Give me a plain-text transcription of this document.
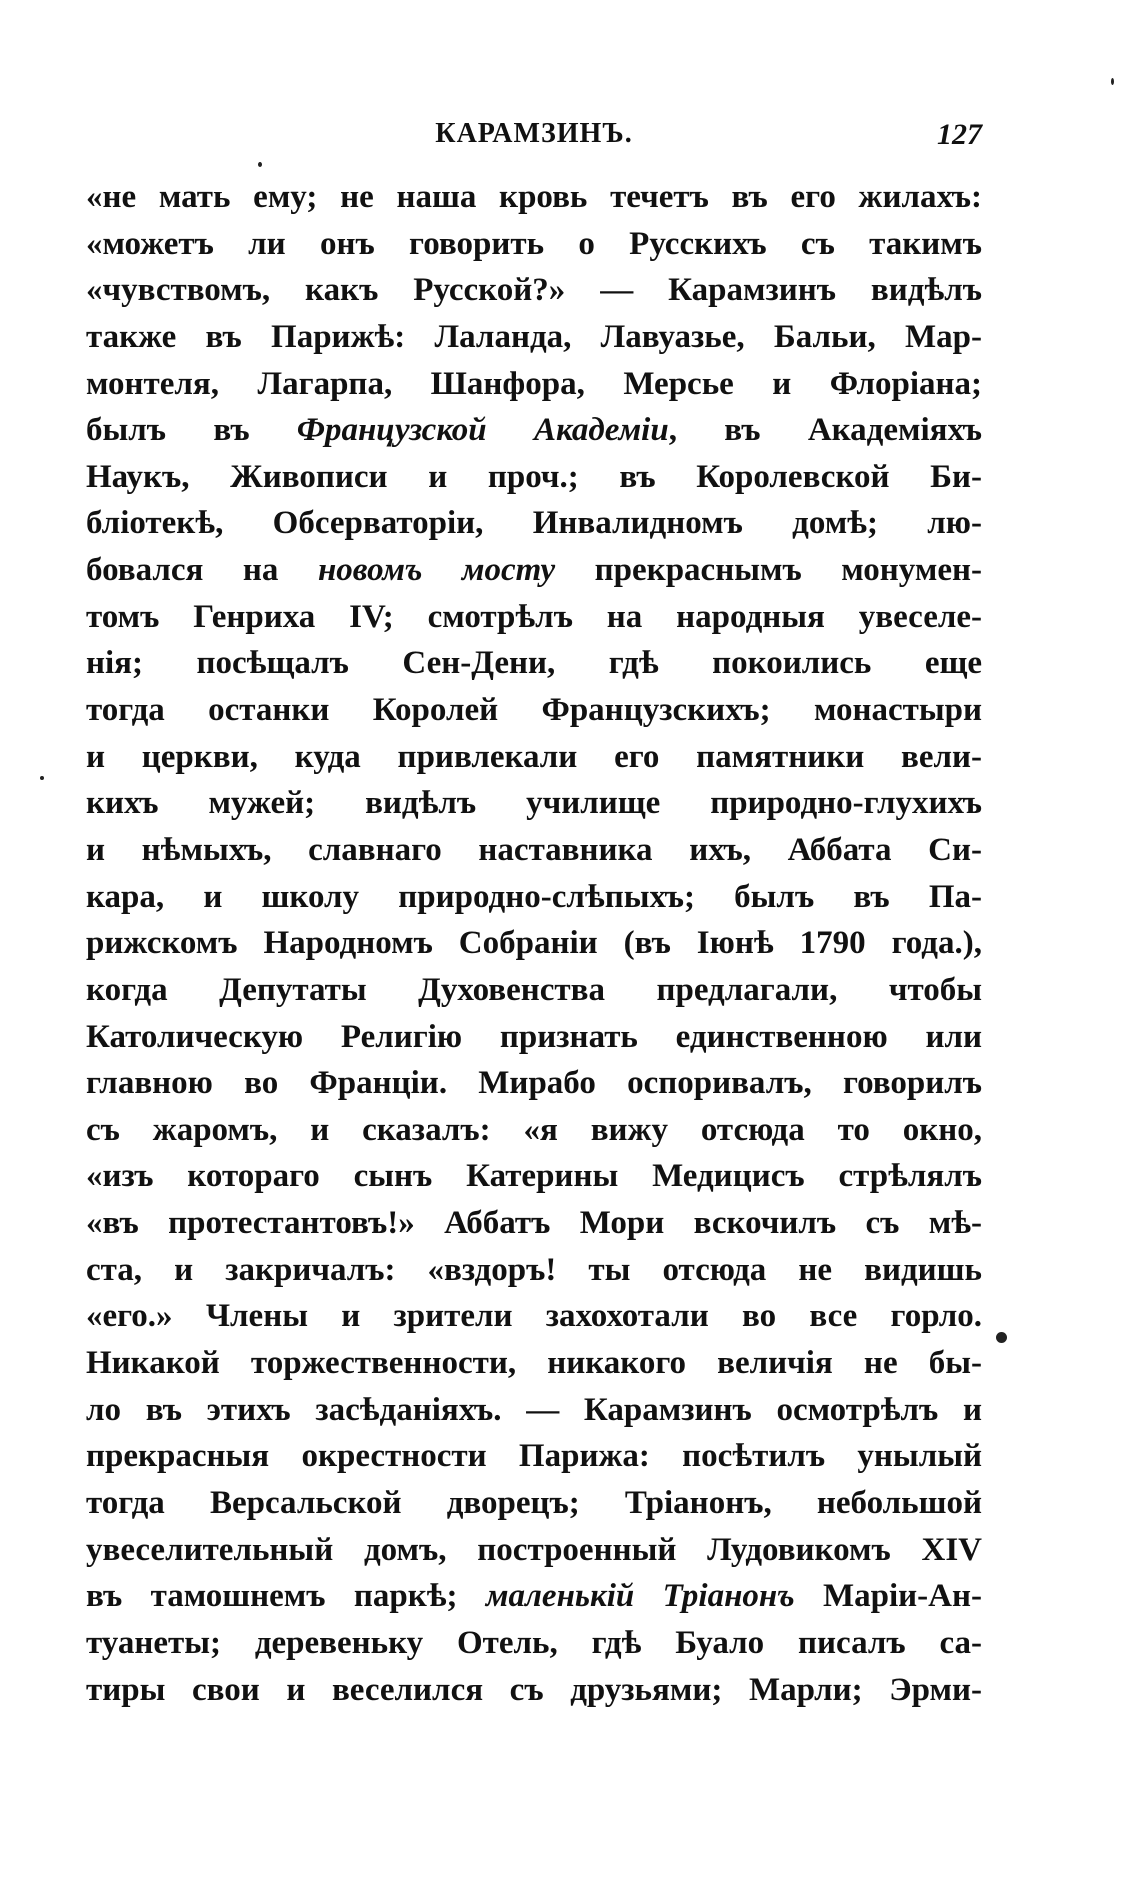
КАРАМЗИНЪ.	127
«не мать ему; не наша кровь течетъ въ его жилахъ:
«можетъ ли онъ говорить о Русскихъ съ такимъ
«чувствомъ, какъ Русской?» — Карамзинъ видѣлъ
также въ Парижѣ: Лаланда, Лавуазье, Бальи, Мар-
монтеля, Лагарпа, Шанфора, Мерсье и Флоріана;
былъ въ Французской Академіи, въ Академіяхъ
Наукъ, Живописи и проч.; въ Королевской Би-
бліотекѣ, Обсерваторіи, Инвалидномъ домѣ; лю-
бовался на новомъ мосту прекраснымъ монумен-
томъ Генриха IV; смотрѣлъ на народныя увеселе-
нія; посѣщалъ Сен-Дени, гдѣ покоились еще
тогда останки Королей Французскихъ; монастыри
и церкви, куда привлекали его памятники вели-
кихъ мужей; видѣлъ училище природно-глухихъ
и нѣмыхъ, славнаго наставника ихъ, Аббата Си-
кара, и школу природно-слѣпыхъ; былъ въ Па-
рижскомъ Народномъ Собраніи (въ Іюнѣ 1790 года.),
когда Депутаты Духовенства предлагали, чтобы
Католическую Религію признать единственною или
главною во Франціи. Мирабо оспоривалъ, говорилъ
съ жаромъ, и сказалъ: «я вижу отсюда то окно,
«изъ котораго сынъ Катерины Медицисъ стрѣлялъ
«въ протестантовъ!» Аббатъ Мори вскочилъ съ мѣ-
ста, и закричалъ: «вздоръ! ты отсюда не видишь
«его.» Члены и зрители захохотали во все горло.
Никакой торжественности, никакого величія не бы-
ло въ этихъ засѣданіяхъ. — Карамзинъ осмотрѣлъ и
прекрасныя окрестности Парижа: посѣтилъ унылый
тогда Версальской дворецъ; Тріанонъ, небольшой
увеселительный домъ, построенный Лудовикомъ XIV
въ тамошнемъ паркѣ; маленькій Тріанонъ Маріи-Ан-
туанеты; деревеньку Отель, гдѣ Буало писалъ са-
тиры свои и веселился съ друзьями; Марли; Эрми-
